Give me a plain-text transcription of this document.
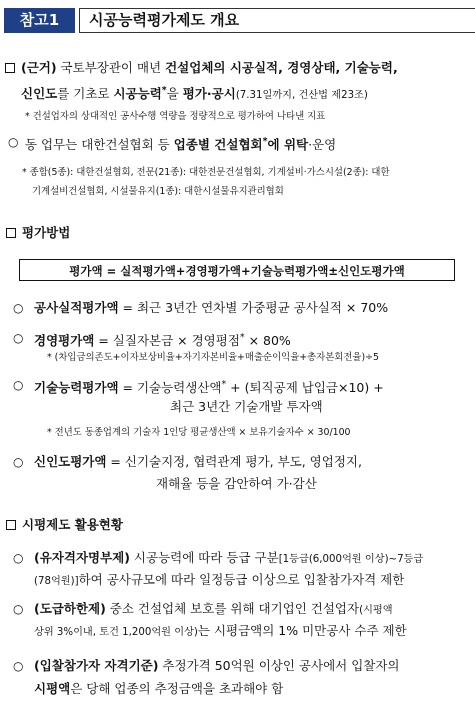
참고1	시공능력평가제도 개요
(근거) 국토부장관이 매년 건설업체의 시공실적, 경영상태, 기술능력,
신인도를 기초로 시공능력*을 평가·공시(7.31일까지, 건산법 제23조)
* 건설업자의 상대적인 공사수행 역량을 정량적으로 평가하여 나타낸 지표
○ 동 업무는 대한건설협회 등 업종별 건설협회*에 위탁·운영
* 종합(5종): 대한건설협회, 전문(21종): 대한전문건설협회, 기계설비·가스시설(2종): 대한
기계설비건설협회, 시설물유지(1종): 대한시설물유지관리협회
평가방법
평가액 = 실적평가액+경영평가액+기술능력평가액±신인도평가액
○ 공사실적평가액 = 최근 3년간 연차별 가중평균 공사실적 × 70%
○ 경영평가액 = 실질자본금 × 경영평점* × 80%
* (차입금의존도+이자보상비율+자기자본비율+매출순이익율+총자본회전율)÷5
○ 기술능력평가액 = 기술능력생산액* + (퇴직공제 납입금×10) +
최근 3년간 기술개발 투자액
* 전년도 동종업계의 기술자 1인당 평균생산액 × 보유기술자수 × 30/100
○ 신인도평가액 = 신기술지정, 협력관계 평가, 부도, 영업정지,
재해율 등을 감안하여 가·감산
시평제도 활용현황
○ (유자격자명부제) 시공능력에 따라 등급 구분[1등급(6,000억원 이상)~7등급
(78억원)]하여 공사규모에 따라 일정등급 이상으로 입찰참가자격 제한
○ (도급하한제) 중소 건설업체 보호를 위해 대기업인 건설업자(시평액
상위 3%이내, 토건 1,200억원 이상)는 시평금액의 1% 미만공사 수주 제한
○ (입찰참가자 자격기준) 추정가격 50억원 이상인 공사에서 입찰자의
시평액은 당해 업종의 추정금액을 초과해야 함
